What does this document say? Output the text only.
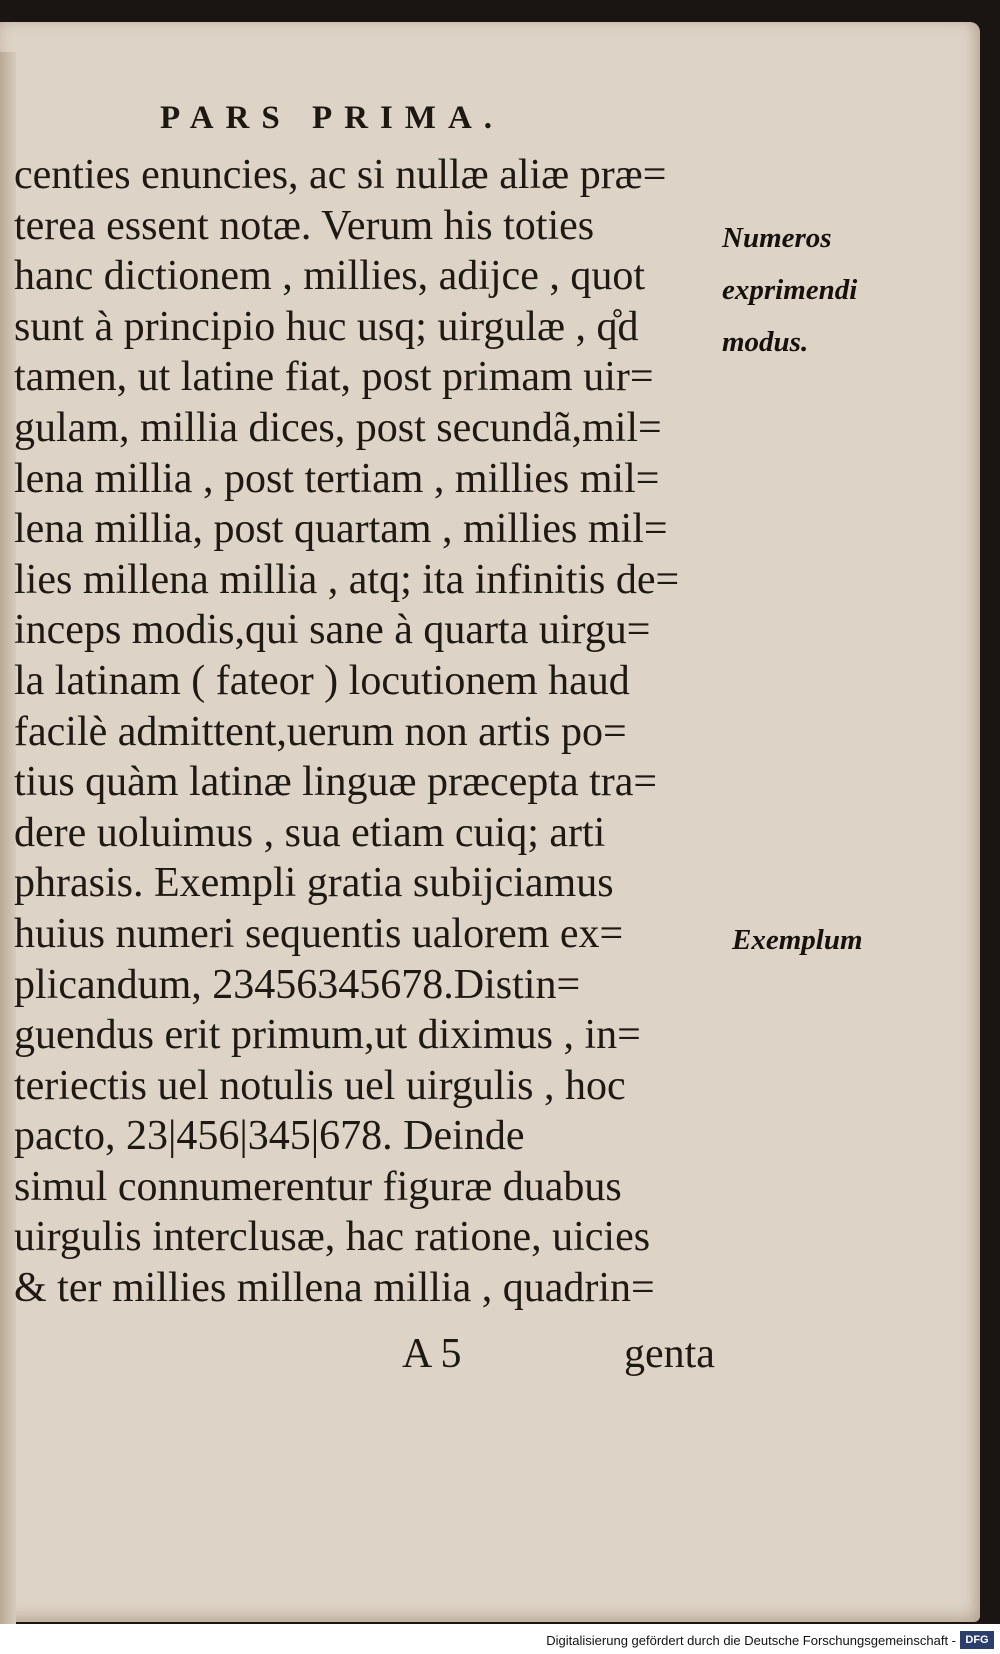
PARS PRIMA.
centies enuncies, ac si nullæ aliæ præ=
terea essent notæ. Verum his toties
hanc dictionem , millies, adijce , quot
sunt à principio huc usq; uirgulæ , q̊d
tamen, ut latine fiat, post primam uir=
gulam, millia dices, post secundã,mil=
lena millia , post tertiam , millies mil=
lena millia, post quartam , millies mil=
lies millena millia , atq; ita infinitis de=
inceps modis,qui sane à quarta uirgu=
la latinam ( fateor ) locutionem haud
facilè admittent,uerum non artis po=
tius quàm latinæ linguæ præcepta tra=
dere uoluimus , sua etiam cuiq; arti
phrasis. Exempli gratia subijciamus
huius numeri sequentis ualorem ex=
plicandum, 23456345678.Distin=
guendus erit primum,ut diximus , in=
teriectis uel notulis uel uirgulis , hoc
pacto, 23|456|345|678. Deinde
simul connumerentur figuræ duabus
uirgulis interclusæ, hac ratione, uicies
& ter millies millena millia , quadrin=
Numeros
exprimendi
modus.
Exemplum
A 5	genta
Digitalisierung gefördert durch die Deutsche Forschungsgemeinschaft - DFG
